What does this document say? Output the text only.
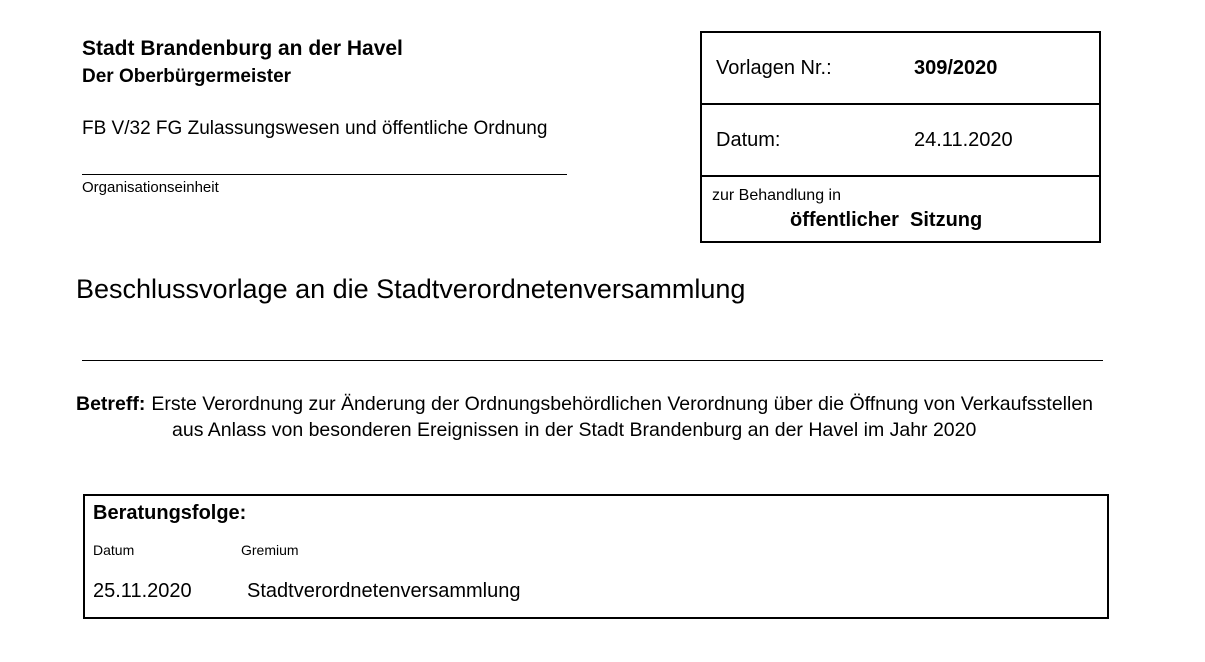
Stadt Brandenburg an der Havel
Der Oberbürgermeister
FB V/32 FG Zulassungswesen und öffentliche Ordnung
Organisationseinheit
Vorlagen Nr.:	309/2020
Datum:	24.11.2020
zur Behandlung in
öffentlicher  Sitzung
Beschlussvorlage an die Stadtverordnetenversammlung
Betreff: Erste Verordnung zur Änderung der Ordnungsbehördlichen Verordnung über die Öffnung von Verkaufsstellen aus Anlass von besonderen Ereignissen in der Stadt Brandenburg an der Havel im Jahr 2020
Beratungsfolge:
Datum	Gremium
25.11.2020	Stadtverordnetenversammlung
